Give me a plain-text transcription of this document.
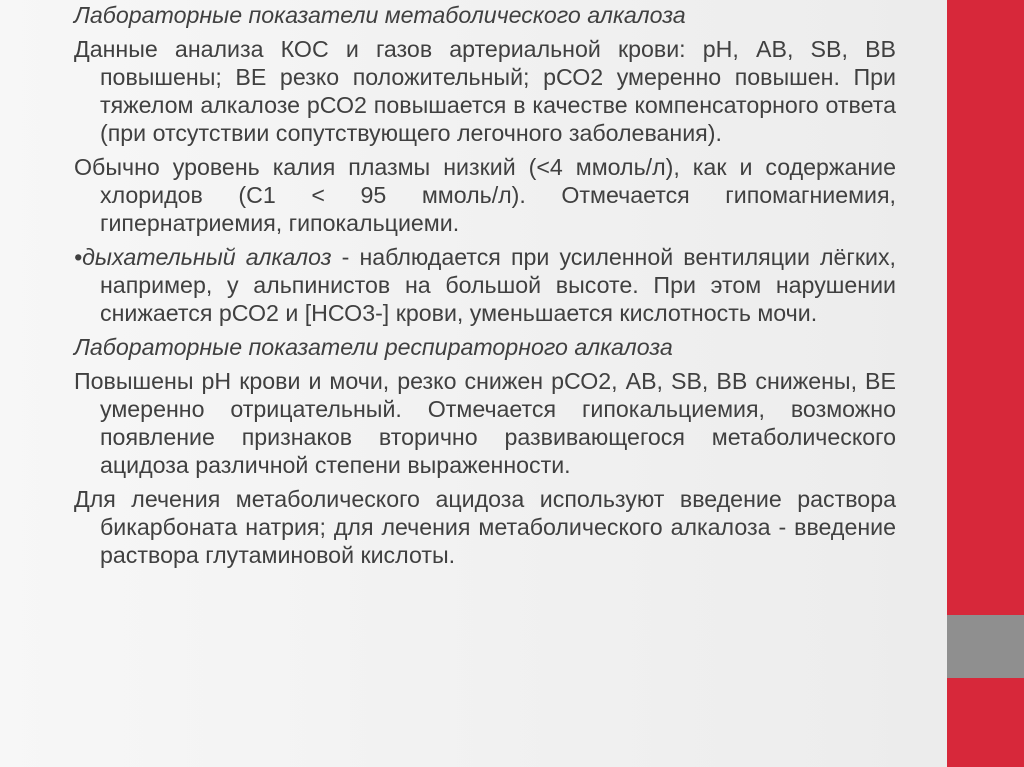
Лабораторные показатели метаболического алкалоза

Данные анализа КОС и газов артериальной крови: рН, АВ, SB, ВВ повышены; BE резко положительный; рСО2 умеренно повышен. При тяжелом алкалозе рСО2 повышается в качестве компенсаторного ответа (при отсутствии сопутствующего легочного заболевания).

Обычно уровень калия плазмы низкий (<4 ммоль/л), как и содержание хлоридов (С1 < 95 ммоль/л). Отмечается гипомагниемия, гипернатриемия, гипокальциеми.

•дыхательный алкалоз - наблюдается при усиленной вентиляции лёгких, например, у альпинистов на большой высоте. При этом нарушении снижается рСО2 и [НСО3-] крови, уменьшается кислотность мочи.

Лабораторные показатели респираторного алкалоза

Повышены рН крови и мочи, резко снижен рСО2, АВ, SB, ВВ снижены, ВЕ умеренно отрицательный. Отмечается гипокальциемия, возможно появление признаков вторично развивающегося метаболического ацидоза различной степени выраженности.

Для лечения метаболического ацидоза используют введение раствора бикарбоната натрия; для лечения метаболического алкалоза - введение раствора глутаминовой кислоты.
